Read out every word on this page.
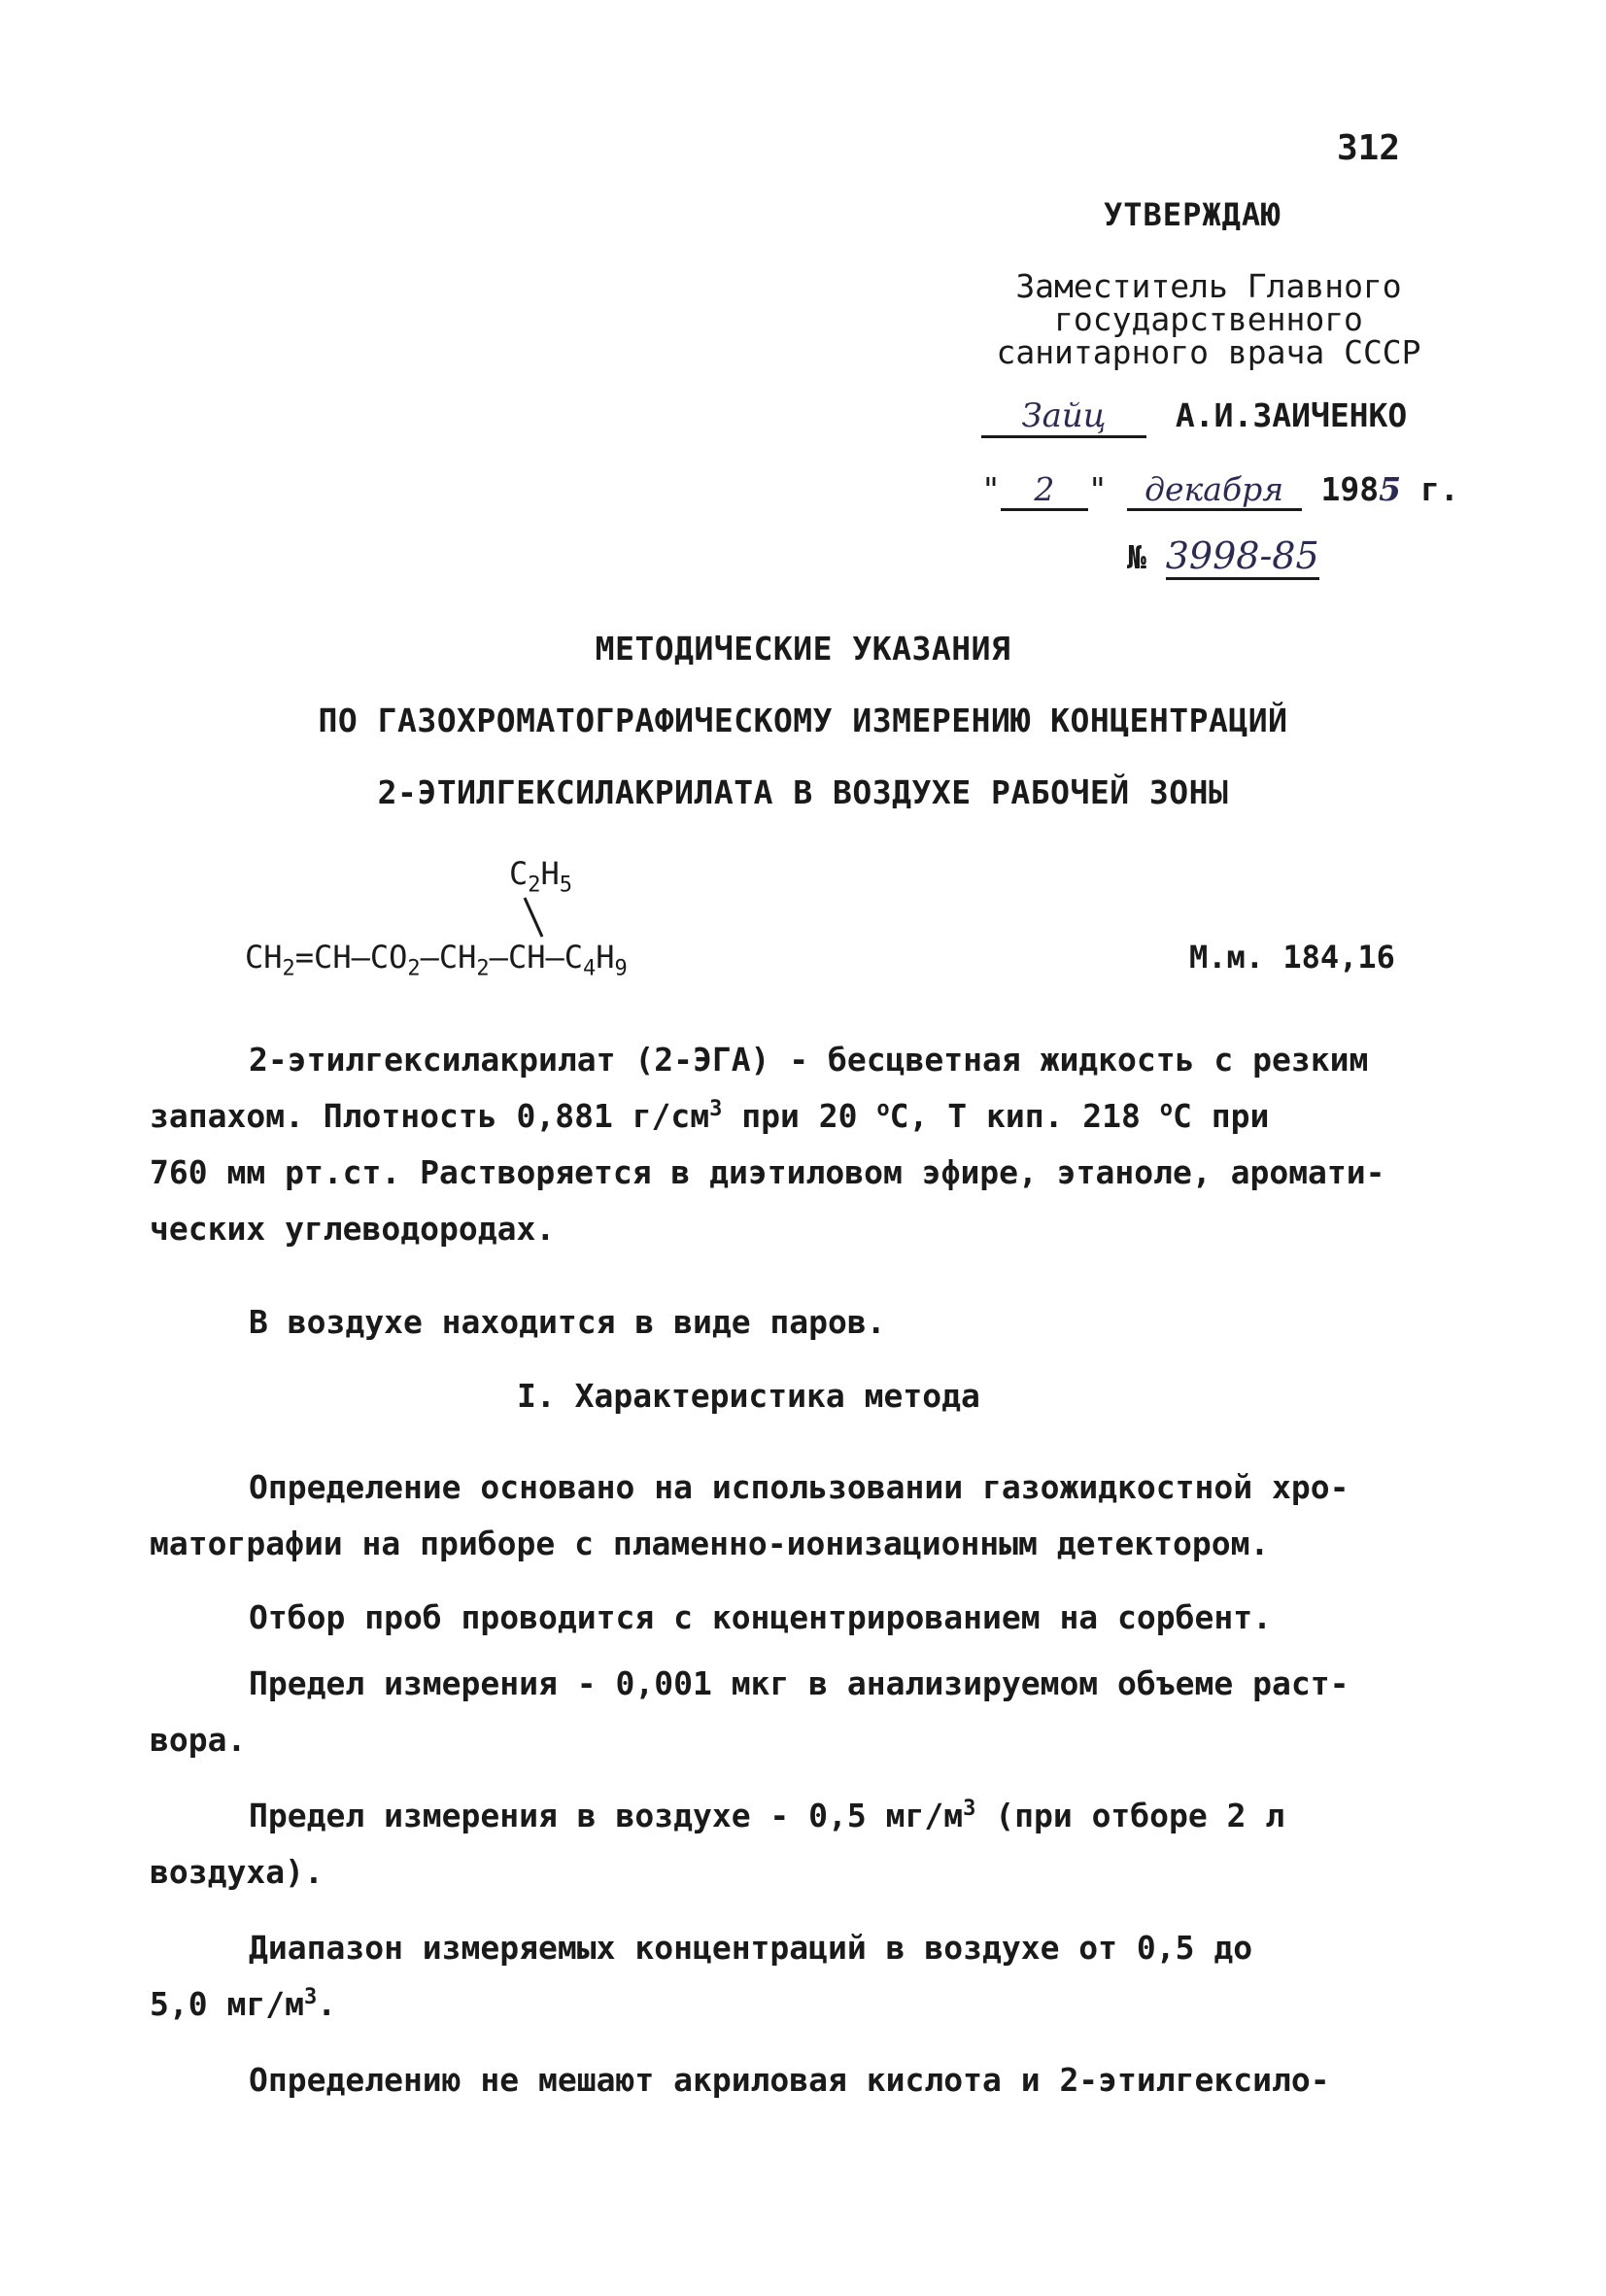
312
УТВЕРЖДАЮ
Заместитель Главного
государственного
санитарного врача СССР
Зайц А.И.ЗАИЧЕНКО
" 2 " декабря 1985 г.
№ 3998-85
МЕТОДИЧЕСКИЕ УКАЗАНИЯ
ПО ГАЗОХРОМАТОГРАФИЧЕСКОМУ ИЗМЕРЕНИЮ КОНЦЕНТРАЦИЙ
2-ЭТИЛГЕКСИЛАКРИЛАТА В ВОЗДУХЕ РАБОЧЕЙ ЗОНЫ
$C_2H_5$
$CH_2=CH-CO_2-CH_2-CH-C_4H_9$	М.м. 184,16
2-этилгексилакрилат (2-ЭГА) - бесцветная жидкость с резким
запахом. Плотность 0,881 $г/см^3$ при 20 $^о$С, Т кип. 218 $^о$С при
760 мм рт.ст. Растворяется в диэтиловом эфире, этаноле, аромати-
ческих углеводородах.
В воздухе находится в виде паров.
I. Характеристика метода
Определение основано на использовании газожидкостной хро-
матографии на приборе с пламенно-ионизационным детектором.
Отбор проб проводится с концентрированием на сорбент.
Предел измерения - 0,001 мкг в анализируемом объеме раст-
вора.
Предел измерения в воздухе - 0,5 $мг/м^3$ (при отборе 2 л
воздуха).
Диапазон измеряемых концентраций в воздухе от 0,5 до
5,0 $мг/м^3$.
Определению не мешают акриловая кислота и 2-этилгексило-
